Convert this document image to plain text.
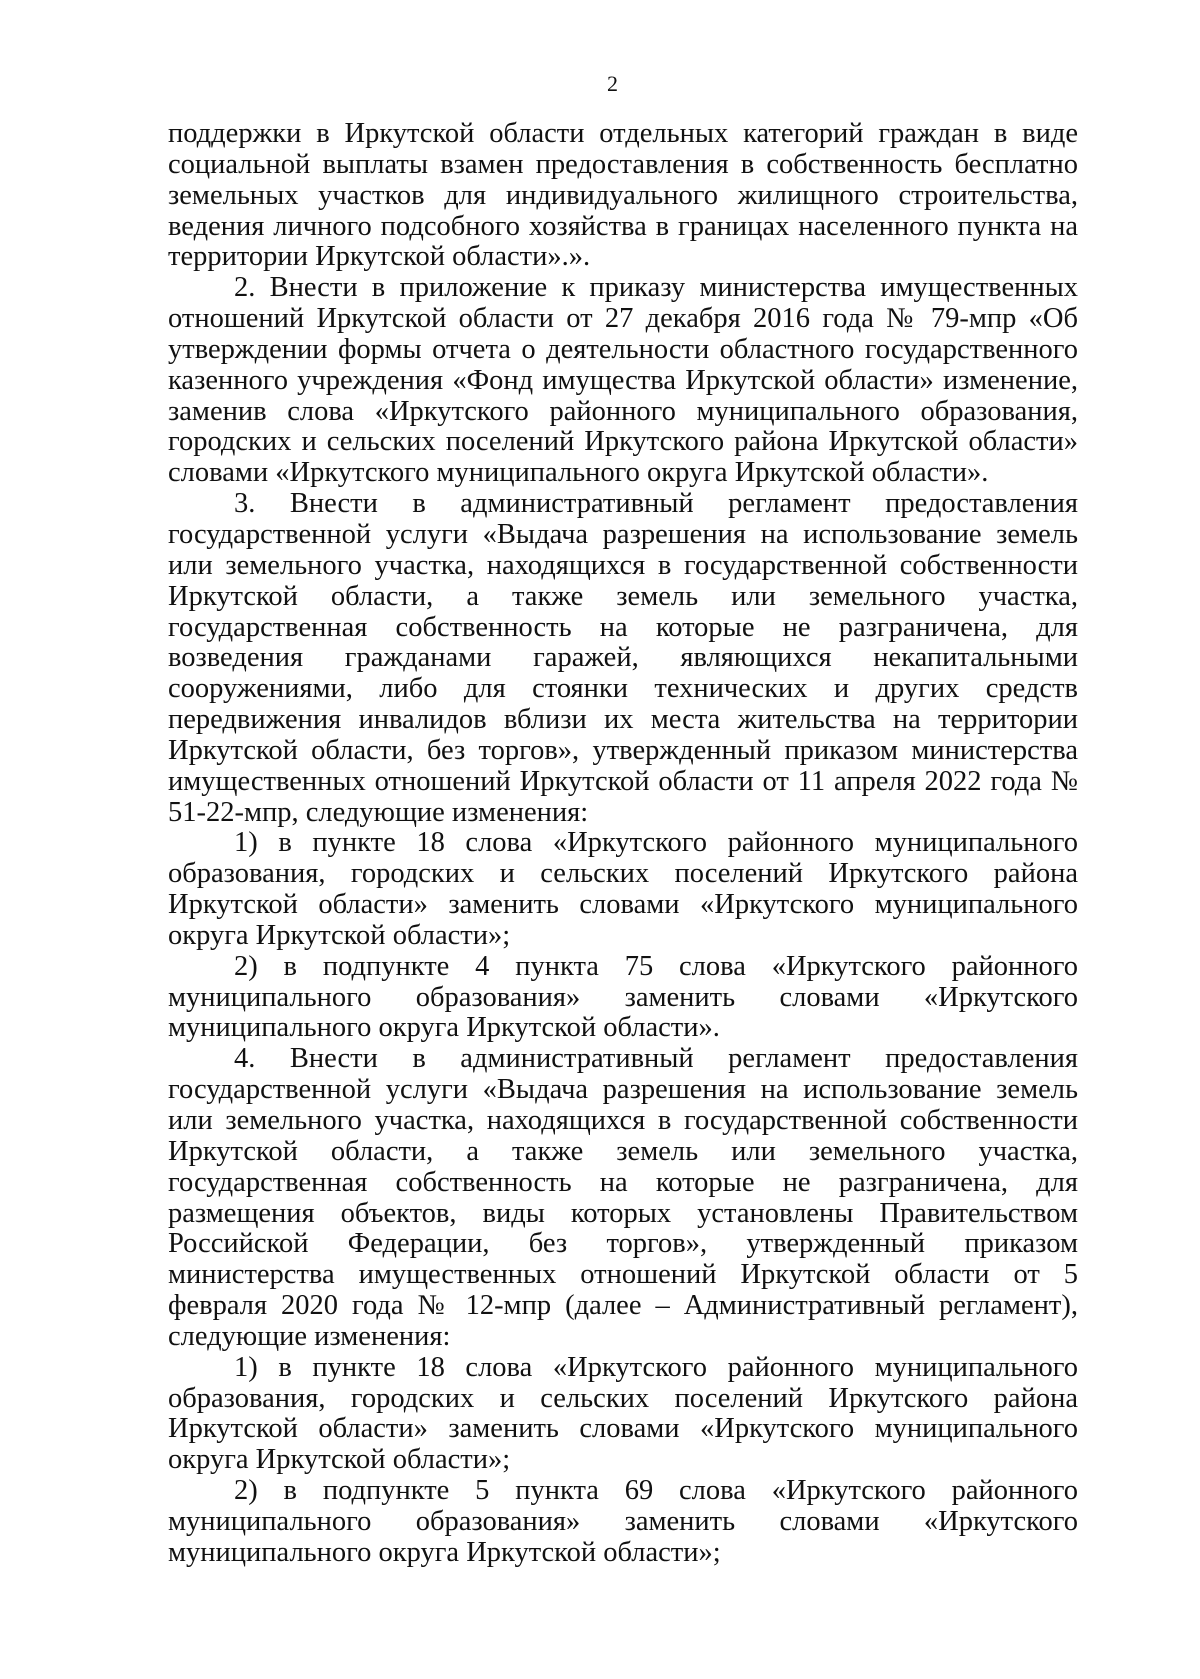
2

поддержки в Иркутской области отдельных категорий граждан в виде социальной выплаты взамен предоставления в собственность бесплатно земельных участков для индивидуального жилищного строительства, ведения личного подсобного хозяйства в границах населенного пункта на территории Иркутской области».».

2. Внести в приложение к приказу министерства имущественных отношений Иркутской области от 27 декабря 2016 года № 79-мпр «Об утверждении формы отчета о деятельности областного государственного казенного учреждения «Фонд имущества Иркутской области» изменение, заменив слова «Иркутского районного муниципального образования, городских и сельских поселений Иркутского района Иркутской области» словами «Иркутского муниципального округа Иркутской области».

3. Внести в административный регламент предоставления государственной услуги «Выдача разрешения на использование земель или земельного участка, находящихся в государственной собственности Иркутской области, а также земель или земельного участка, государственная собственность на которые не разграничена, для возведения гражданами гаражей, являющихся некапитальными сооружениями, либо для стоянки технических и других средств передвижения инвалидов вблизи их места жительства на территории Иркутской области, без торгов», утвержденный приказом министерства имущественных отношений Иркутской области от 11 апреля 2022 года № 51-22-мпр, следующие изменения:

1) в пункте 18 слова «Иркутского районного муниципального образования, городских и сельских поселений Иркутского района Иркутской области» заменить словами «Иркутского муниципального округа Иркутской области»;

2) в подпункте 4 пункта 75 слова «Иркутского районного муниципального образования» заменить словами «Иркутского муниципального округа Иркутской области».

4. Внести в административный регламент предоставления государственной услуги «Выдача разрешения на использование земель или земельного участка, находящихся в государственной собственности Иркутской области, а также земель или земельного участка, государственная собственность на которые не разграничена, для размещения объектов, виды которых установлены Правительством Российской Федерации, без торгов», утвержденный приказом министерства имущественных отношений Иркутской области от 5 февраля 2020 года № 12-мпр (далее – Административный регламент), следующие изменения:

1) в пункте 18 слова «Иркутского районного муниципального образования, городских и сельских поселений Иркутского района Иркутской области» заменить словами «Иркутского муниципального округа Иркутской области»;

2) в подпункте 5 пункта 69 слова «Иркутского районного муниципального образования» заменить словами «Иркутского муниципального округа Иркутской области»;
